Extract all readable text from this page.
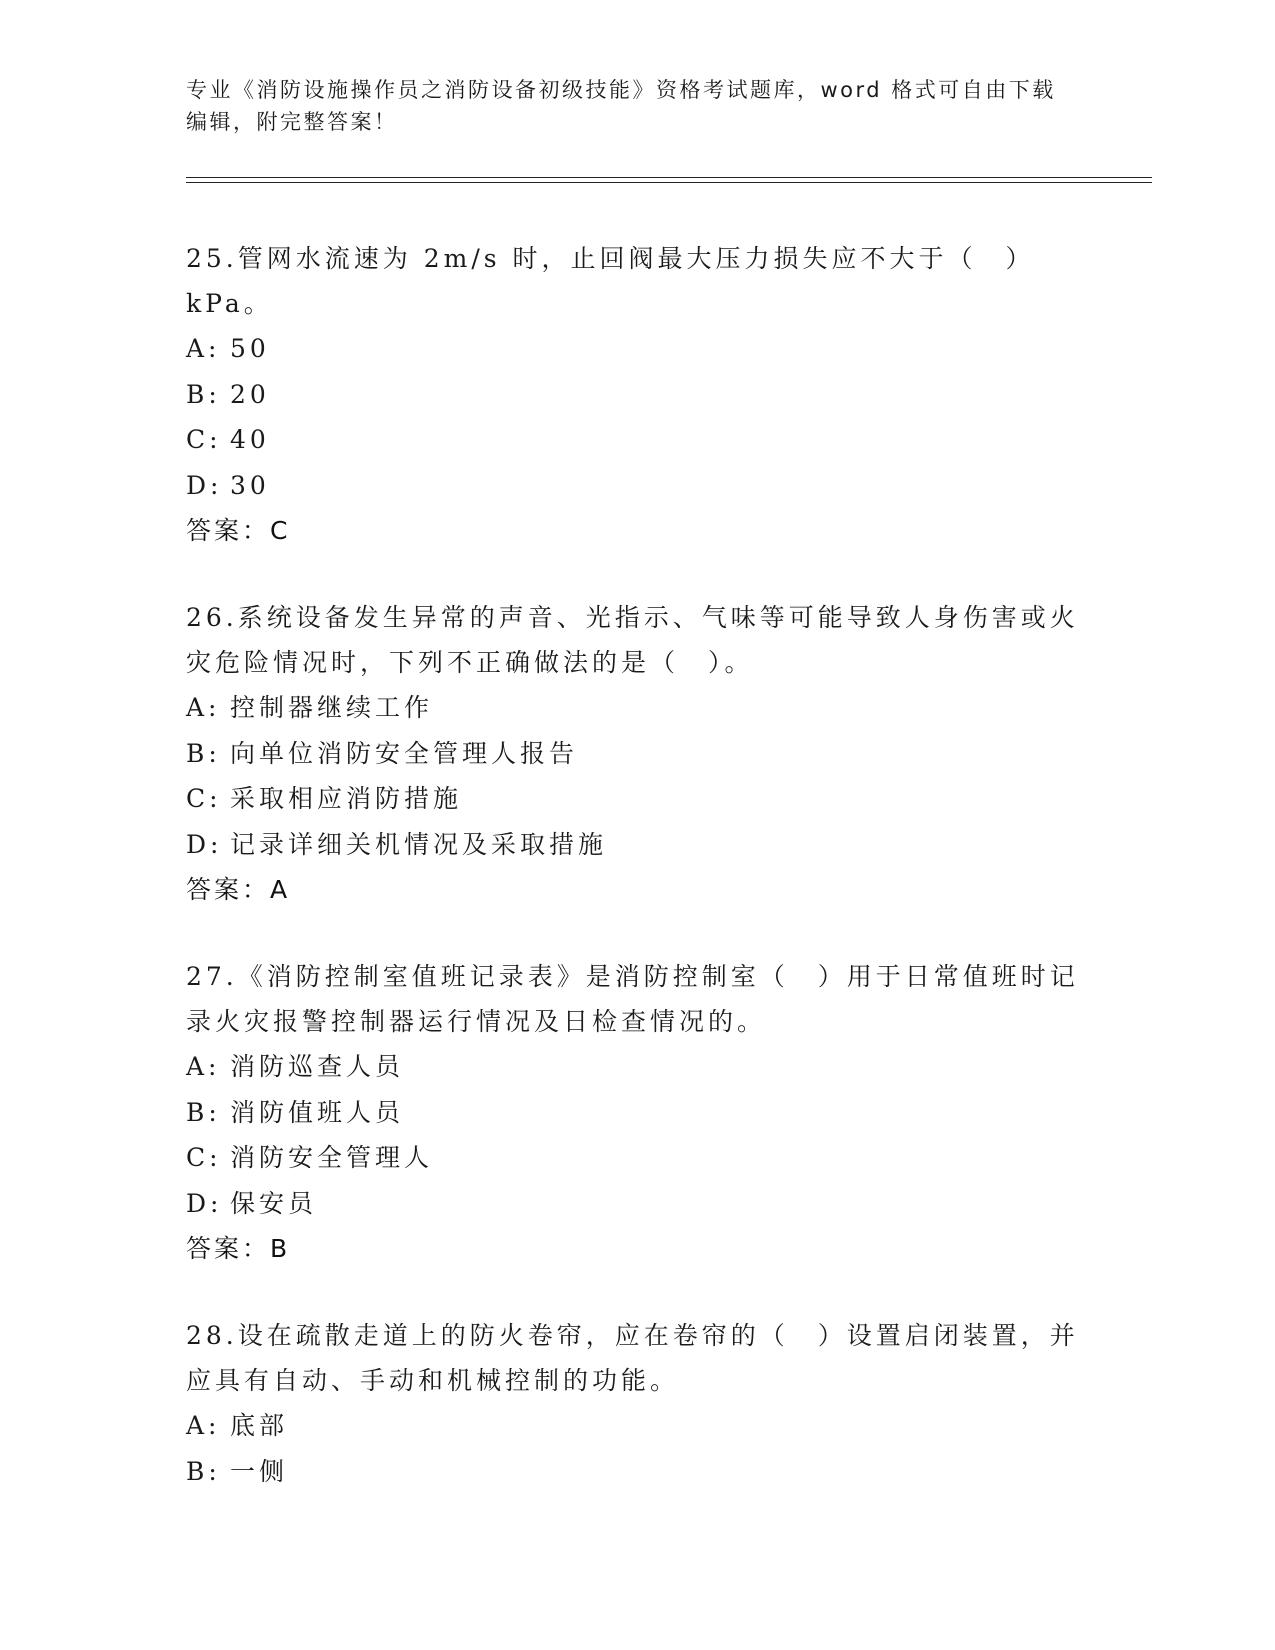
专业《消防设施操作员之消防设备初级技能》资格考试题库，word 格式可自由下载编辑，附完整答案！
25.管网水流速为 2m/s 时，止回阀最大压力损失应不大于（　）kPa。
A: 50
B: 20
C: 40
D: 30
答案：C
26.系统设备发生异常的声音、光指示、气味等可能导致人身伤害或火灾危险情况时，下列不正确做法的是（　）。
A: 控制器继续工作
B: 向单位消防安全管理人报告
C: 采取相应消防措施
D: 记录详细关机情况及采取措施
答案：A
27.《消防控制室值班记录表》是消防控制室（　）用于日常值班时记录火灾报警控制器运行情况及日检查情况的。
A: 消防巡查人员
B: 消防值班人员
C: 消防安全管理人
D: 保安员
答案：B
28.设在疏散走道上的防火卷帘，应在卷帘的（　）设置启闭装置，并应具有自动、手动和机械控制的功能。
A: 底部
B: 一侧
